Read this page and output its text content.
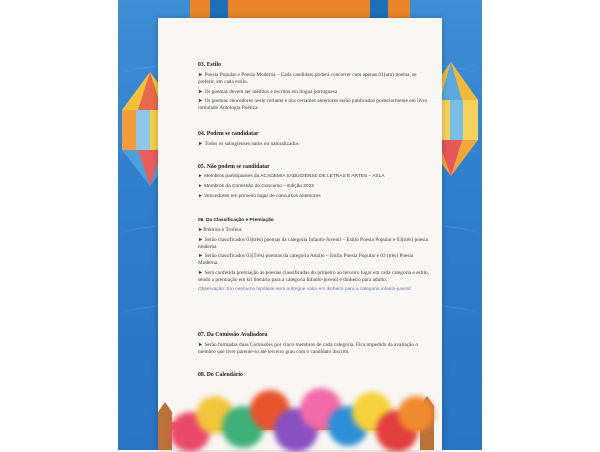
03. Estilo
► Poesia Popular e Poesia Moderna – Cada candidato poderá concorrer com apenas 01(um) poema, se preferir, em cada estilo.
► Os poemas devem ser inéditos e escritos em língua portuguesa
► Os poemas vencedores neste certame e nos certames anteriores serão publicados posteriormente em livro intitulado Antologia Poética.
04. Podem se candidatar
► Todos os sabugienses natos ou naturalizados
05. Não podem se candidatar
► Membros participantes da ACADEMIA SABUGIENSE DE LETRAS E ARTES – ASLA
► Membros da Comissão do Concurso – Edição 2022
► Vencedores em primeiro lugar de concursos anteriores
06. Da Classificação e Premiação
►Prêmios e Troféus
► Serão classificados 03(três) poemas da categoria Infanto-Juvenil – Estilo Poesia Popular e 03(três) poesia moderna
► Serão classificados 03(Três) poemas da categoria Adulto – Estilo Poesia Popular e 03 (três) Poesia Moderna.
► Será conferida premiação às poesias classificadas do primeiro ao terceiro lugar em cada categoria e estilo, sendo a premiação em kit literário para a categoria Infanto-juvenil e dinheiro para adulto.
Observação: Em nenhuma hipótese será entregue valor em dinheiro para a categoria infanto-juvenil.
07. Da Comissão Avaliadora
► Serão formadas duas Comissões por cinco membros de cada categoria. Fica impedido da avaliação o membro que tiver parente-so até terceiro grau com o candidato inscrito.
08. Do Calendário
